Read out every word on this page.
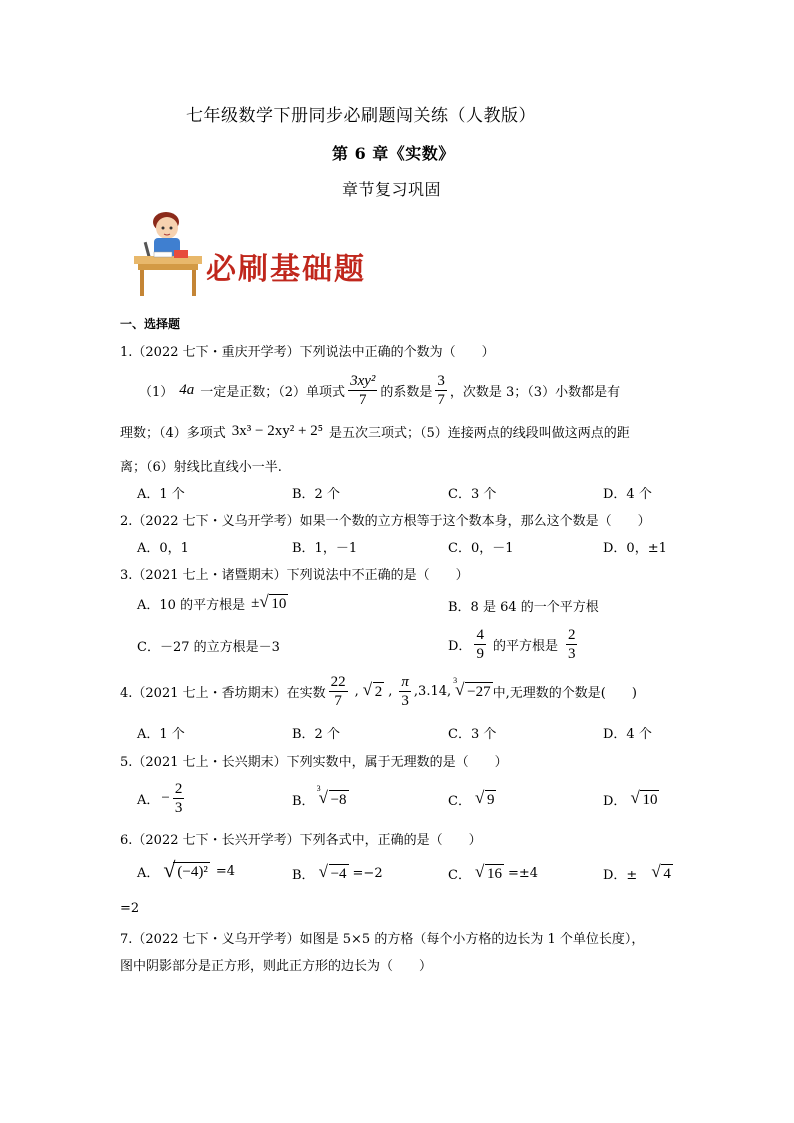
七年级数学下册同步必刷题闯关练（人教版）
第 6 章《实数》
章节复习巩固
必刷基础题
一、选择题
1.（2022 七下・重庆开学考）下列说法中正确的个数为（　　）
（1） 4a 一定是正数；（2）单项式 $\frac{\text{3xy²}}{7}$ 的系数是 $\frac{3}{7}$ ，次数是 3；（3）小数都是有
理数；（4）多项式 3x³ − 2xy² + 2⁵ 是五次三项式；（5）连接两点的线段叫做这两点的距
离；（6）射线比直线小一半.
A．1 个	B．2 个	C．3 个	D．4 个
2.（2022 七下・义乌开学考）如果一个数的立方根等于这个数本身，那么这个数是（　　）
A．0，1	B．1，－1	C．0，－1	D．0，±1
3.（2021 七上・诸暨期末）下列说法中不正确的是（　　）
A．10 的平方根是 ± √ 10	B．8 是 64 的一个平方根
C．－27 的立方根是－3	D． $\frac{4}{9}$ 的平方根是 $\frac{2}{3}$
4.（2021 七上・香坊期末）在实数 $\frac{22}{7}$ , √ 2 , $\frac{\pi}{3} ,3.14$,
3
√ −27 中,无理数的个数是(　　)
A．1 个	B．2 个	C．3 个	D．4 个
5.（2021 七上・长兴期末）下列实数中，属于无理数的是（　　）
A． − $\frac{2}{3}$	B．
3
√ −8	C． √ 9	D． √ 10
6.（2022 七下・长兴开学考）下列各式中，正确的是（　　）
A． √ (−4)² =4	B． √ −4 =−2	C． √ 16 =±4	D．± √ 4
=2
7.（2022 七下・义乌开学考）如图是 5×5 的方格（每个小方格的边长为 1 个单位长度），
图中阴影部分是正方形，则此正方形的边长为（　　）
